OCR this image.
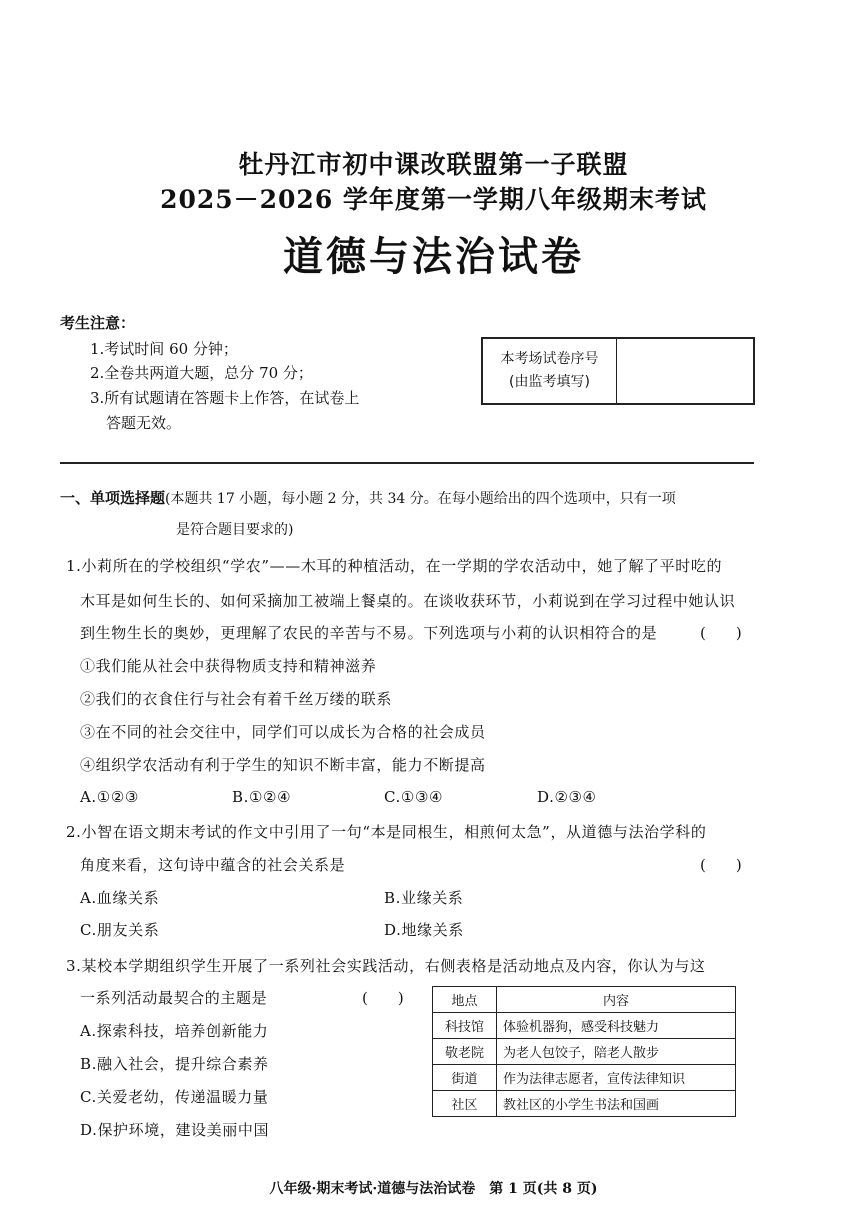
牡丹江市初中课改联盟第一子联盟
2025－2026 学年度第一学期八年级期末考试
道德与法治试卷
考生注意：
1.考试时间 60 分钟；
2.全卷共两道大题，总分 70 分；
3.所有试题请在答题卡上作答，在试卷上
答题无效。
本考场试卷序号
(由监考填写)
一、单项选择题(本题共 17 小题，每小题 2 分，共 34 分。在每小题给出的四个选项中，只有一项
是符合题目要求的)
1.小莉所在的学校组织“学农”——木耳的种植活动，在一学期的学农活动中，她了解了平时吃的
木耳是如何生长的、如何采摘加工被端上餐桌的。在谈收获环节，小莉说到在学习过程中她认识
到生物生长的奥妙，更理解了农民的辛苦与不易。下列选项与小莉的认识相符合的是	(　　)
①我们能从社会中获得物质支持和精神滋养
②我们的衣食住行与社会有着千丝万缕的联系
③在不同的社会交往中，同学们可以成长为合格的社会成员
④组织学农活动有利于学生的知识不断丰富，能力不断提高
A.①②③	B.①②④	C.①③④	D.②③④
2.小智在语文期末考试的作文中引用了一句“本是同根生，相煎何太急”，从道德与法治学科的
角度来看，这句诗中蕴含的社会关系是	(　　)
A.血缘关系	B.业缘关系
C.朋友关系	D.地缘关系
3.某校本学期组织学生开展了一系列社会实践活动，右侧表格是活动地点及内容，你认为与这
一系列活动最契合的主题是	(　　)
A.探索科技，培养创新能力
B.融入社会，提升综合素养
C.关爱老幼，传递温暖力量
D.保护环境，建设美丽中国
地点	内容
科技馆	体验机器狗，感受科技魅力
敬老院	为老人包饺子，陪老人散步
街道	作为法律志愿者，宣传法律知识
社区	教社区的小学生书法和国画
八年级·期末考试·道德与法治试卷　第 1 页(共 8 页)
